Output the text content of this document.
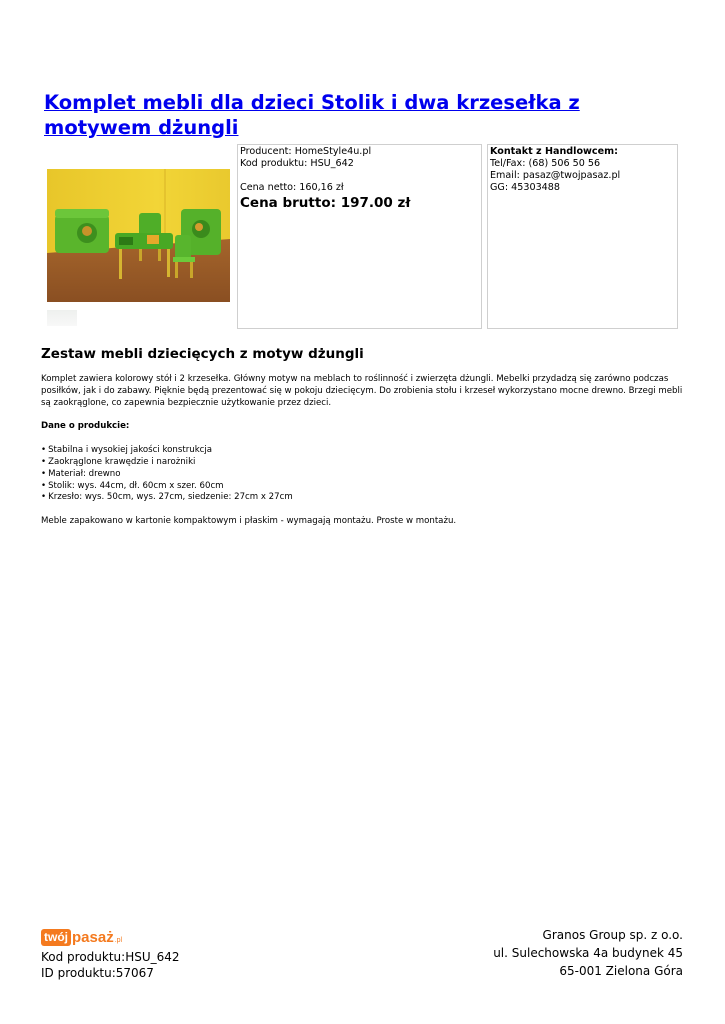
Komplet mebli dla dzieci Stolik i dwa krzesełka z motywem dżungli
Producent: HomeStyle4u.pl
Kod produktu: HSU_642
Cena netto: 160,16 zł
Cena brutto: 197.00 zł
Kontakt z Handlowcem:
Tel/Fax: (68) 506 50 56
Email: pasaz@twojpasaz.pl
GG: 45303488
Zestaw mebli dziecięcych z motyw dżungli

Komplet zawiera kolorowy stół i 2 krzesełka. Główny motyw na meblach to roślinność i zwierzęta dżungli. Mebelki przydadzą się zarówno podczas posiłków, jak i do zabawy. Pięknie będą prezentować się w pokoju dziecięcym. Do zrobienia stołu i krzeseł wykorzystano mocne drewno. Brzegi mebli są zaokrąglone, co zapewnia bezpiecznie użytkowanie przez dzieci.

Dane o produkcie:

• Stabilna i wysokiej jakości konstrukcja
• Zaokrąglone krawędzie i narożniki
• Materiał: drewno
• Stolik: wys. 44cm, dł. 60cm x szer. 60cm
• Krzesło: wys. 50cm, wys. 27cm, siedzenie: 27cm x 27cm

Meble zapakowano w kartonie kompaktowym i płaskim - wymagają montażu. Proste w montażu.

twój pasaż .pl
Kod produktu:HSU_642
ID produktu:57067
Granos Group sp. z o.o.
ul. Sulechowska 4a budynek 45
65-001 Zielona Góra
